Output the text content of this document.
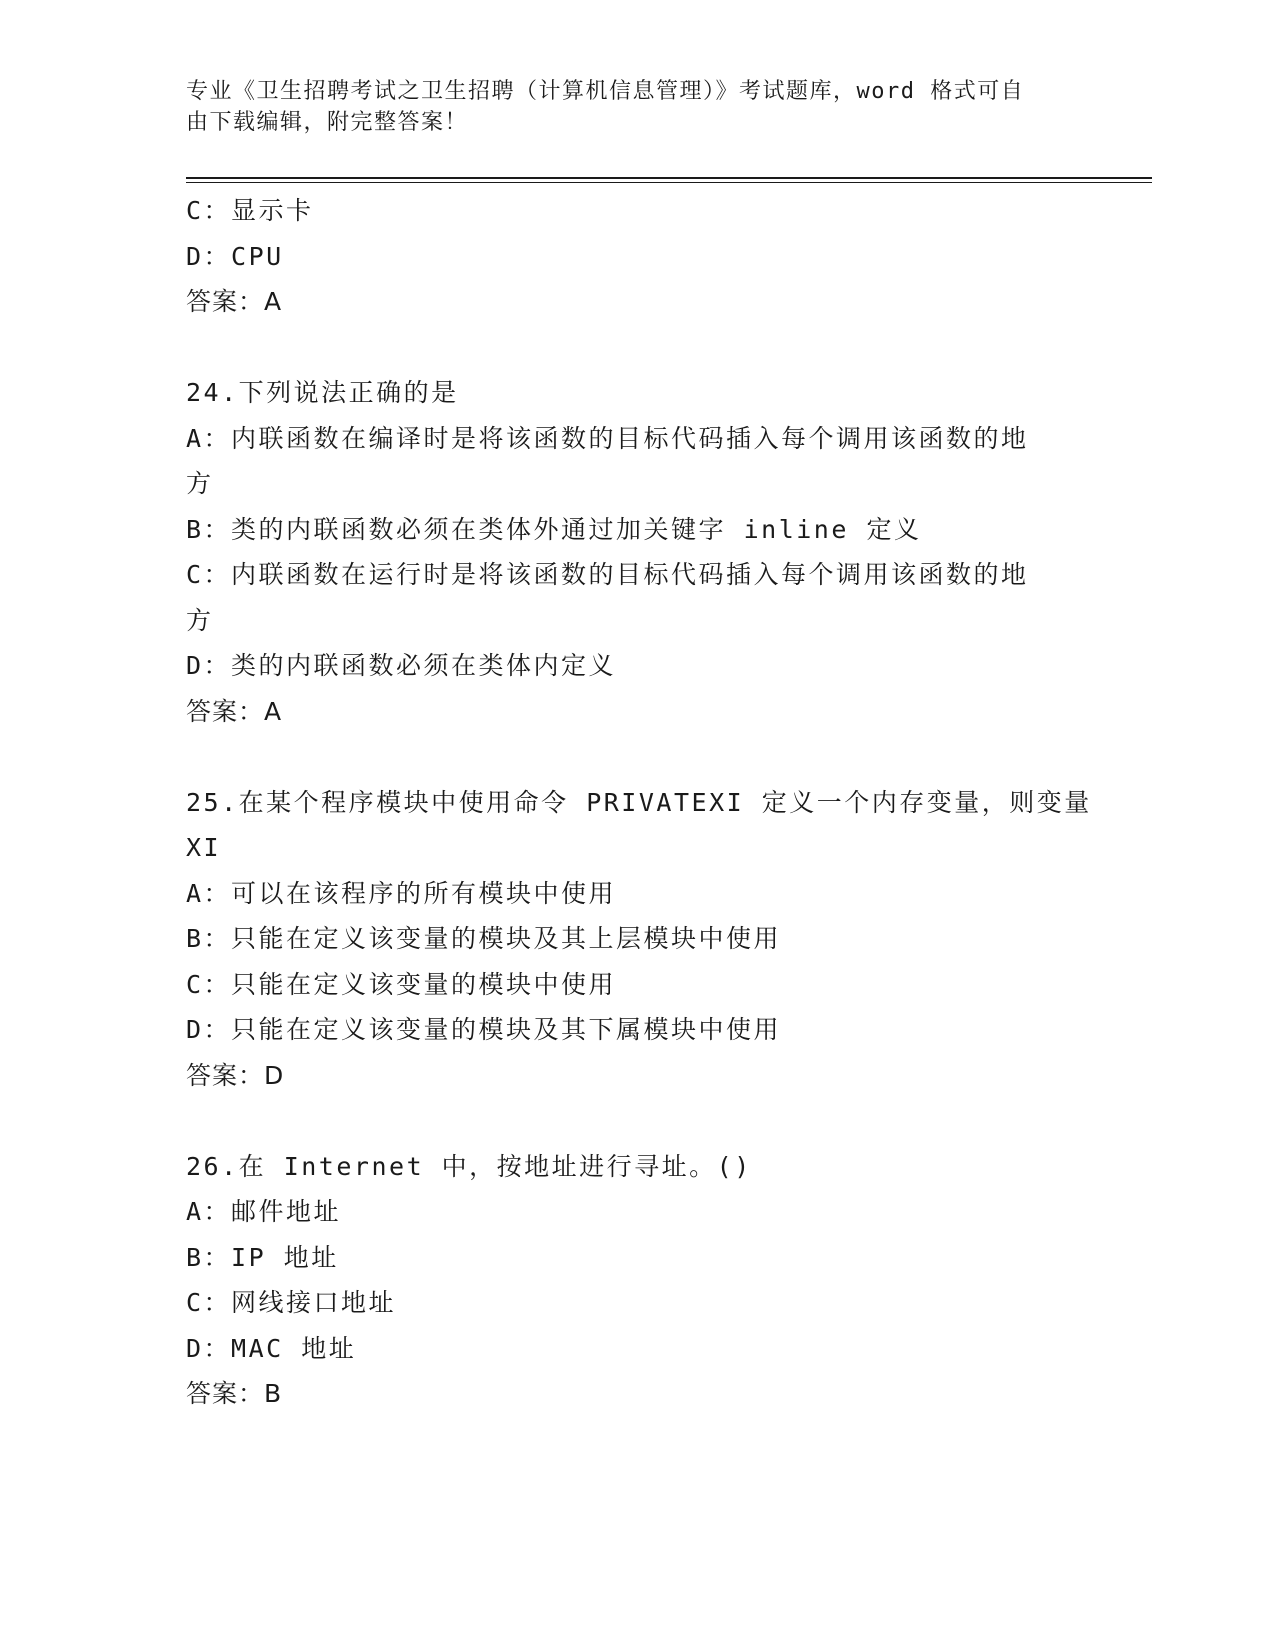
专业《卫生招聘考试之卫生招聘（计算机信息管理）》考试题库，word 格式可自
由下载编辑，附完整答案！
C：显示卡
D：CPU
答案：A
24.下列说法正确的是
A：内联函数在编译时是将该函数的目标代码插入每个调用该函数的地
方
B：类的内联函数必须在类体外通过加关键字 inline 定义
C：内联函数在运行时是将该函数的目标代码插入每个调用该函数的地
方
D：类的内联函数必须在类体内定义
答案：A
25.在某个程序模块中使用命令 PRIVATEXI 定义一个内存变量，则变量
XI
A：可以在该程序的所有模块中使用
B：只能在定义该变量的模块及其上层模块中使用
C：只能在定义该变量的模块中使用
D：只能在定义该变量的模块及其下属模块中使用
答案：D
26.在 Internet 中，按地址进行寻址。()
A：邮件地址
B：IP 地址
C：网线接口地址
D：MAC 地址
答案：B
